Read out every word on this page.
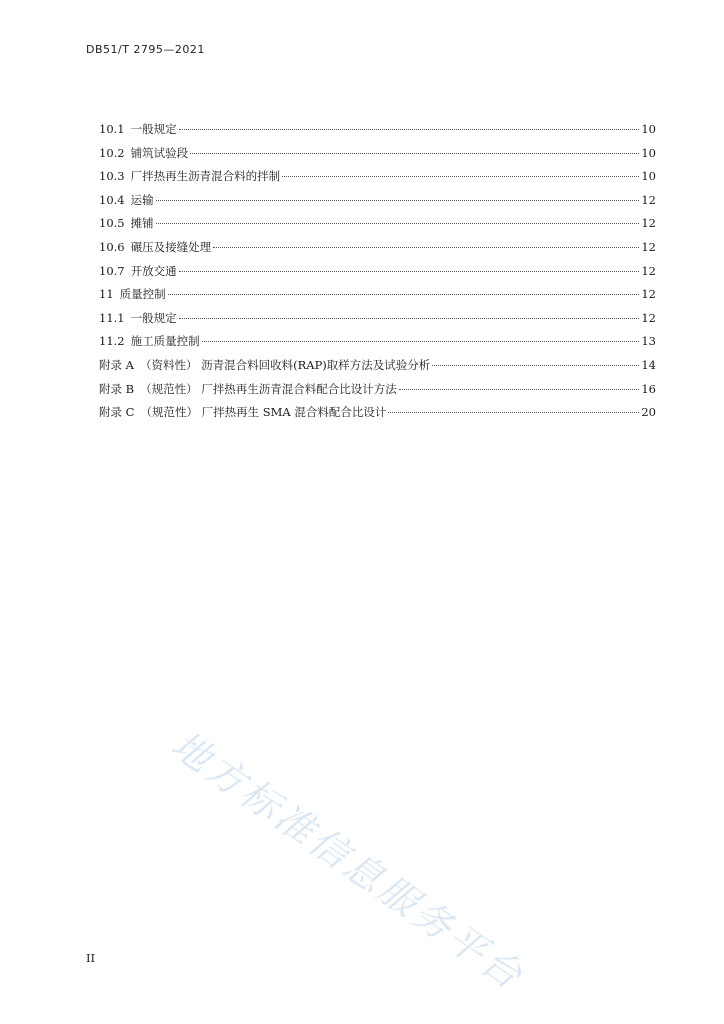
DB51/T 2795—2021
10.1 一般规定	10
10.2 铺筑试验段	10
10.3 厂拌热再生沥青混合料的拌制	10
10.4 运输	12
10.5 摊铺	12
10.6 碾压及接缝处理	12
10.7 开放交通	12
11 质量控制	12
11.1 一般规定	12
11.2 施工质量控制	13
附录 A （资料性） 沥青混合料回收料(RAP)取样方法及试验分析	14
附录 B （规范性） 厂拌热再生沥青混合料配合比设计方法	16
附录 C （规范性） 厂拌热再生 SMA 混合料配合比设计	20
地方标准信息服务平台
II
